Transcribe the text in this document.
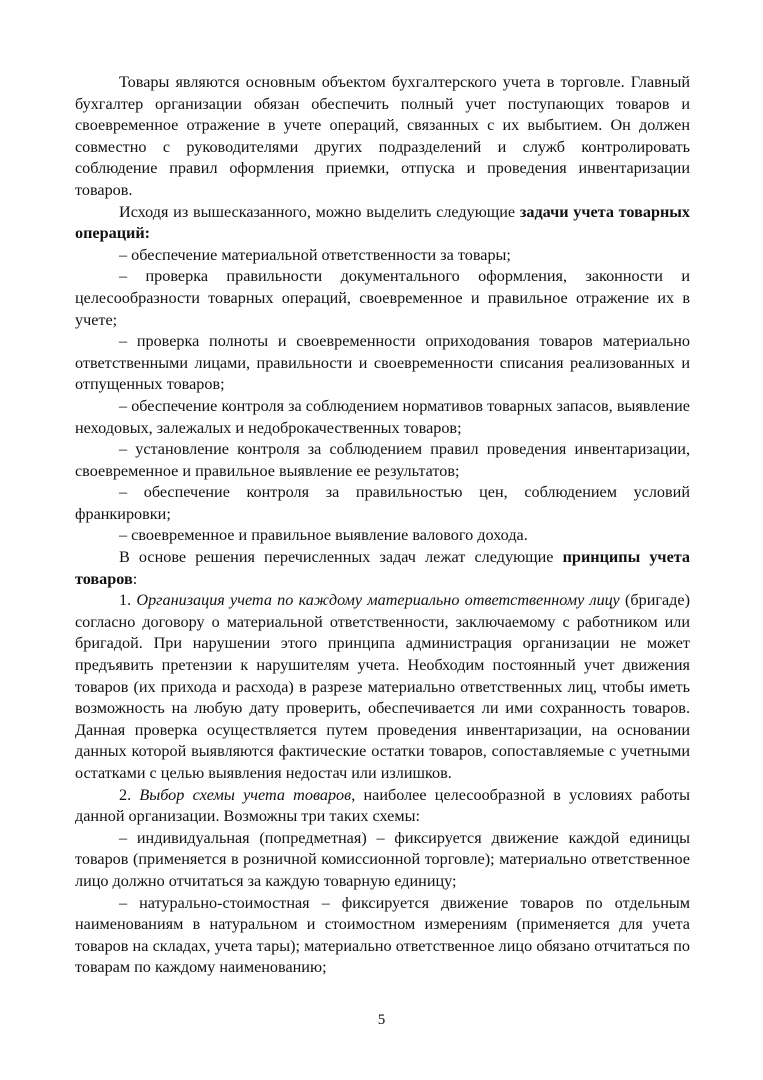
Товары являются основным объектом бухгалтерского учета в торговле. Главный бухгалтер организации обязан обеспечить полный учет поступающих товаров и своевременное отражение в учете операций, связанных с их выбытием. Он должен совместно с руководителями других подразделений и служб контролировать соблюдение правил оформления приемки, отпуска и проведения инвентаризации товаров.

Исходя из вышесказанного, можно выделить следующие задачи учета товарных операций:

– обеспечение материальной ответственности за товары;

– проверка правильности документального оформления, законности и целесообразности товарных операций, своевременное и правильное отражение их в учете;

– проверка полноты и своевременности оприходования товаров материально ответственными лицами, правильности и своевременности списания реализованных и отпущенных товаров;

– обеспечение контроля за соблюдением нормативов товарных запасов, выявление неходовых, залежалых и недоброкачественных товаров;

– установление контроля за соблюдением правил проведения инвентаризации, своевременное и правильное выявление ее результатов;

– обеспечение контроля за правильностью цен, соблюдением условий франкировки;

– своевременное и правильное выявление валового дохода.

В основе решения перечисленных задач лежат следующие принципы учета товаров:

1. Организация учета по каждому материально ответственному лицу (бригаде) согласно договору о материальной ответственности, заключаемому с работником или бригадой. При нарушении этого принципа администрация организации не может предъявить претензии к нарушителям учета. Необходим постоянный учет движения товаров (их прихода и расхода) в разрезе материально ответственных лиц, чтобы иметь возможность на любую дату проверить, обеспечивается ли ими сохранность товаров. Данная проверка осуществляется путем проведения инвентаризации, на основании данных которой выявляются фактические остатки товаров, сопоставляемые с учетными остатками с целью выявления недостач или излишков.

2. Выбор схемы учета товаров, наиболее целесообразной в условиях работы данной организации. Возможны три таких схемы:

– индивидуальная (попредметная) – фиксируется движение каждой единицы товаров (применяется в розничной комиссионной торговле); материально ответственное лицо должно отчитаться за каждую товарную единицу;

– натурально-стоимостная – фиксируется движение товаров по отдельным наименованиям в натуральном и стоимостном измерениям (применяется для учета товаров на складах, учета тары); материально ответственное лицо обязано отчитаться по товарам по каждому наименованию;

5
